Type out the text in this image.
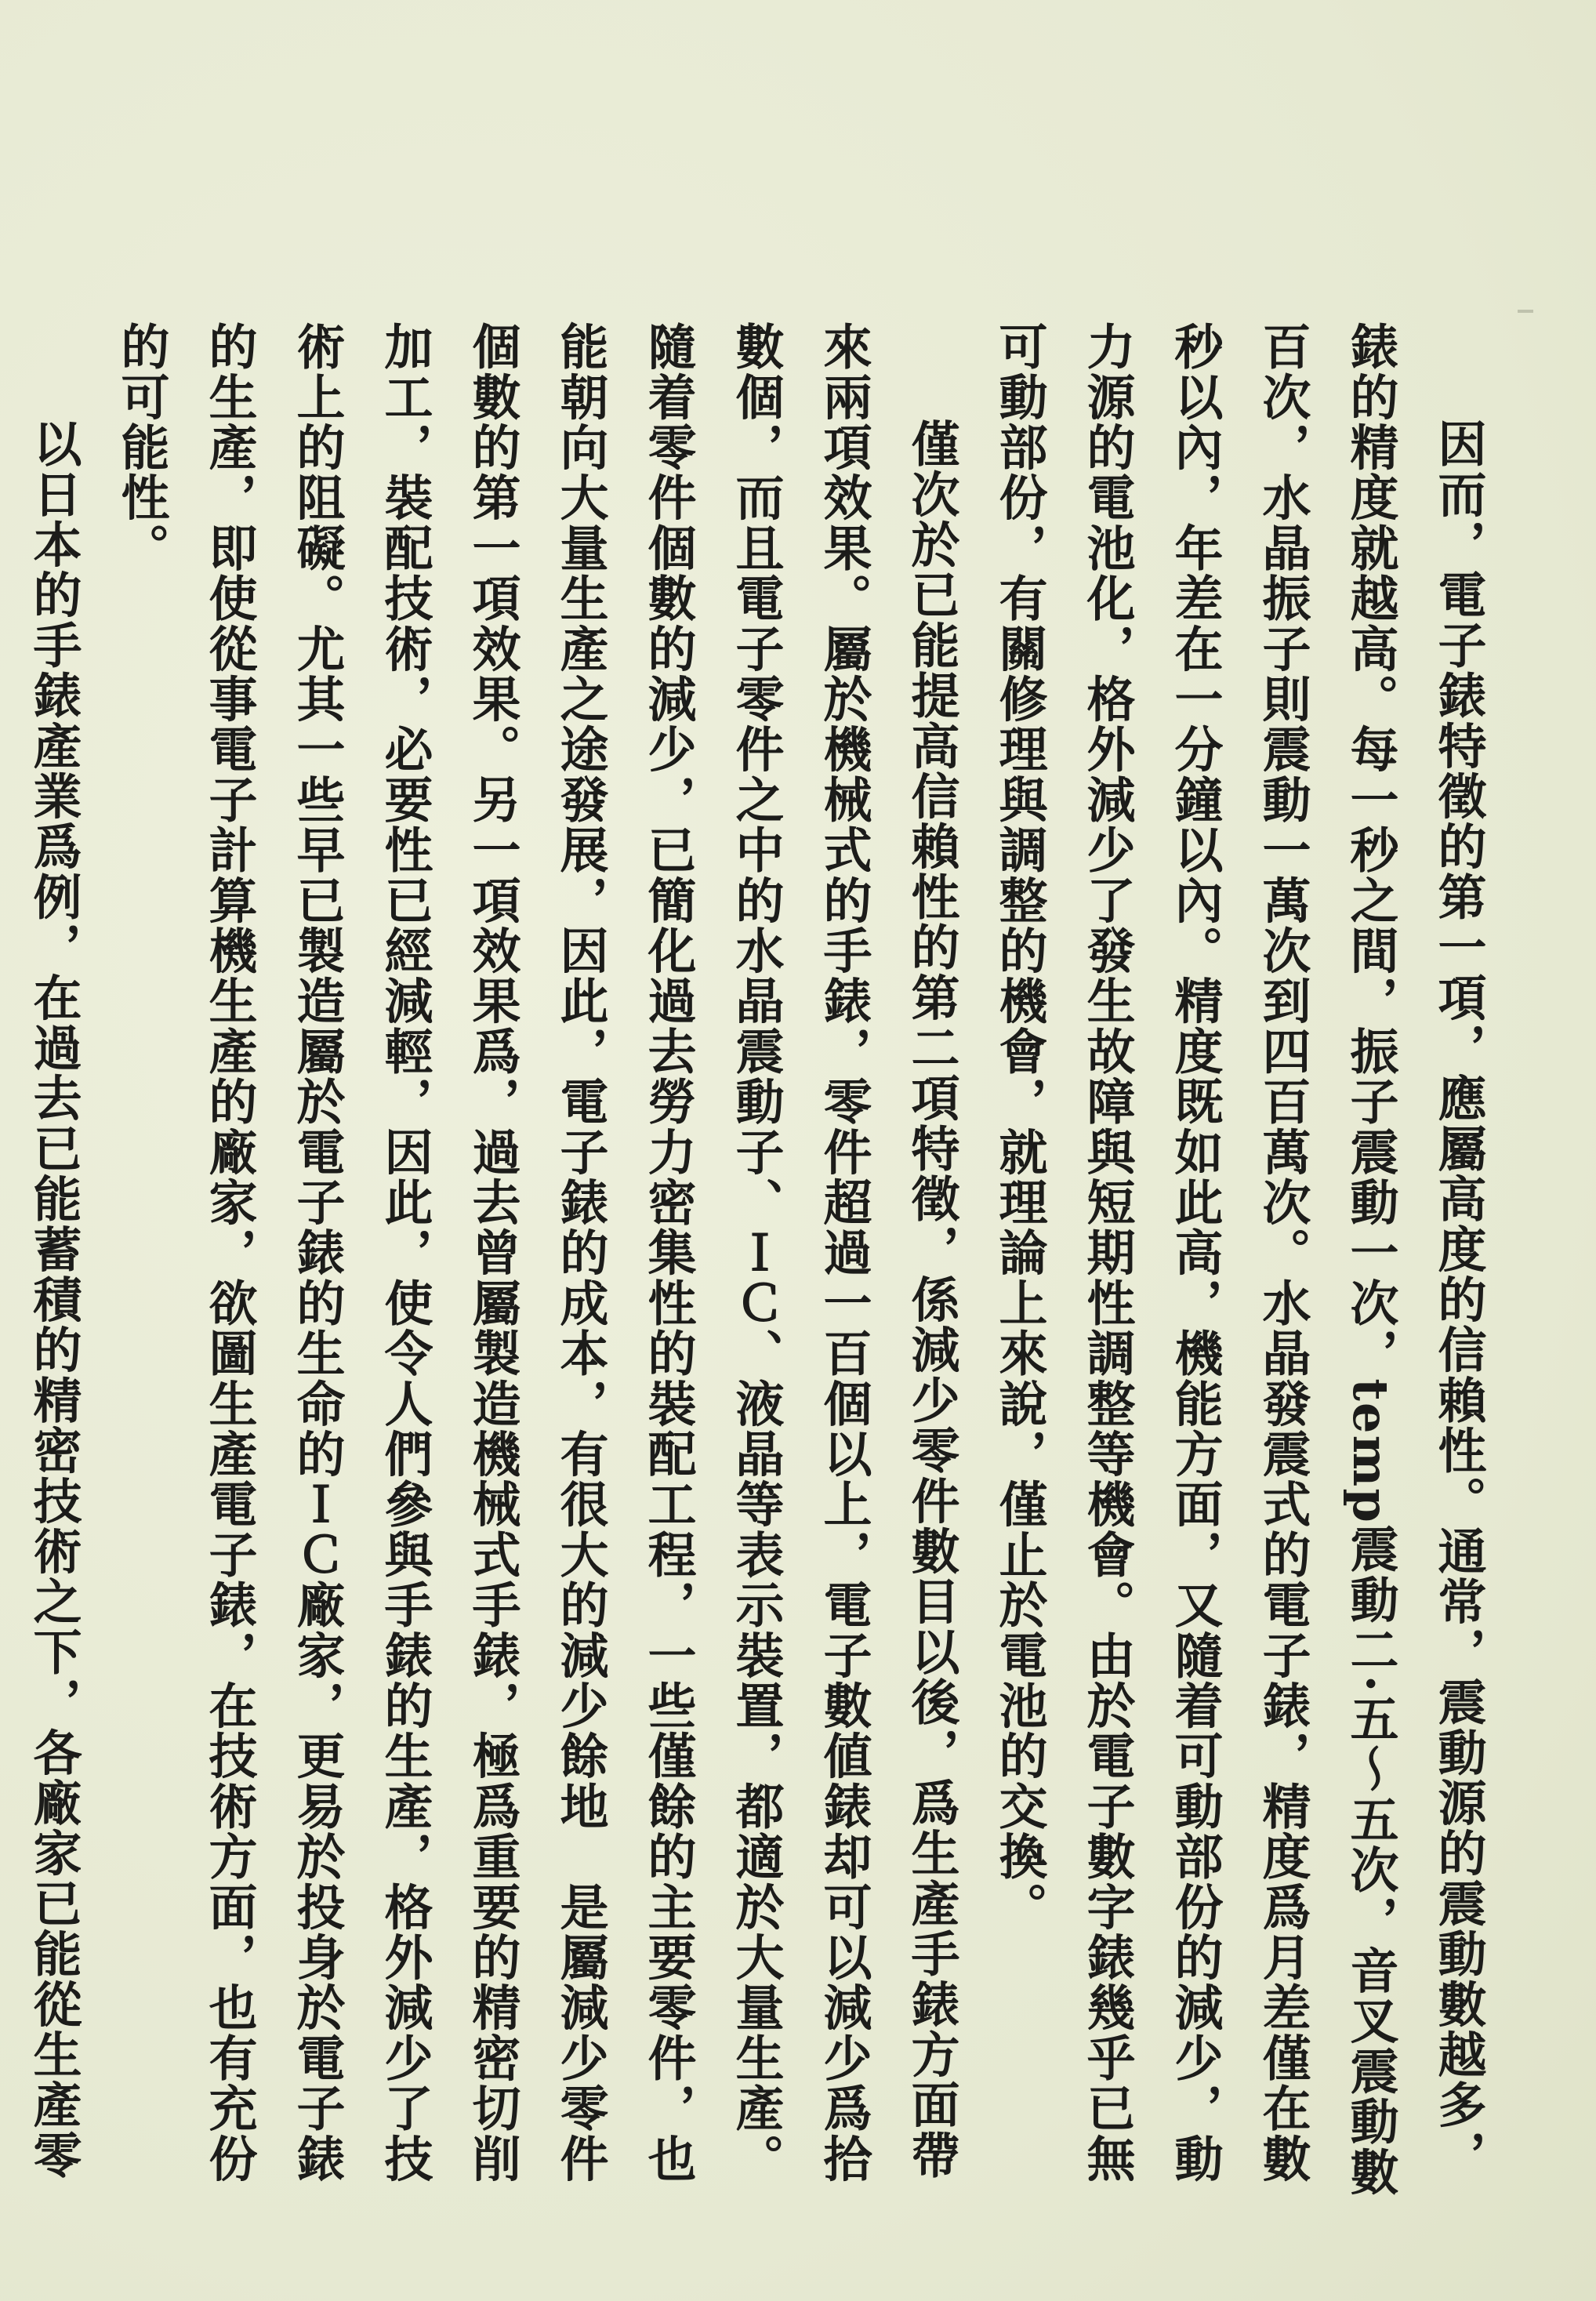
因而，電子錶特徵的第一項，應屬高度的信賴性。通常，震動源的震動數越多，錶的精度就越高。每一秒之間，振子震動一次，temp震動二·五～五次，音叉震動數百次，水晶振子則震動一萬次到四百萬次。水晶發震式的電子錶，精度爲月差僅在數秒以內，年差在一分鐘以內。精度既如此高，機能方面，又隨着可動部份的減少，動力源的電池化，格外減少了發生故障與短期性調整等機會。由於電子數字錶幾乎已無可動部份，有關修理與調整的機會，就理論上來說，僅止於電池的交換。

僅次於已能提高信賴性的第二項特徵，係減少零件數目以後，爲生產手錶方面帶來兩項效果。屬於機械式的手錶，零件超過一百個以上，電子數値錶却可以減少爲拾數個，而且電子零件之中的水晶震動子、ＩＣ、液晶等表示裝置，都適於大量生產。隨着零件個數的減少，已簡化過去勞力密集性的裝配工程，一些僅餘的主要零件，也能朝向大量生產之途發展，因此，電子錶的成本，有很大的減少餘地　是屬減少零件個數的第一項效果。另一項效果爲，過去曾屬製造機械式手錶，極爲重要的精密切削加工，裝配技術，必要性已經減輕，因此，使令人們參與手錶的生產，格外減少了技術上的阻礙。尤其一些早已製造屬於電子錶的生命的ＩＣ廠家，更易於投身於電子錶的生產，即使從事電子計算機生產的廠家，欲圖生產電子錶，在技術方面，也有充份的可能性。

以日本的手錶產業爲例，在過去已能蓄積的精密技術之下，各廠家已能從生產零
